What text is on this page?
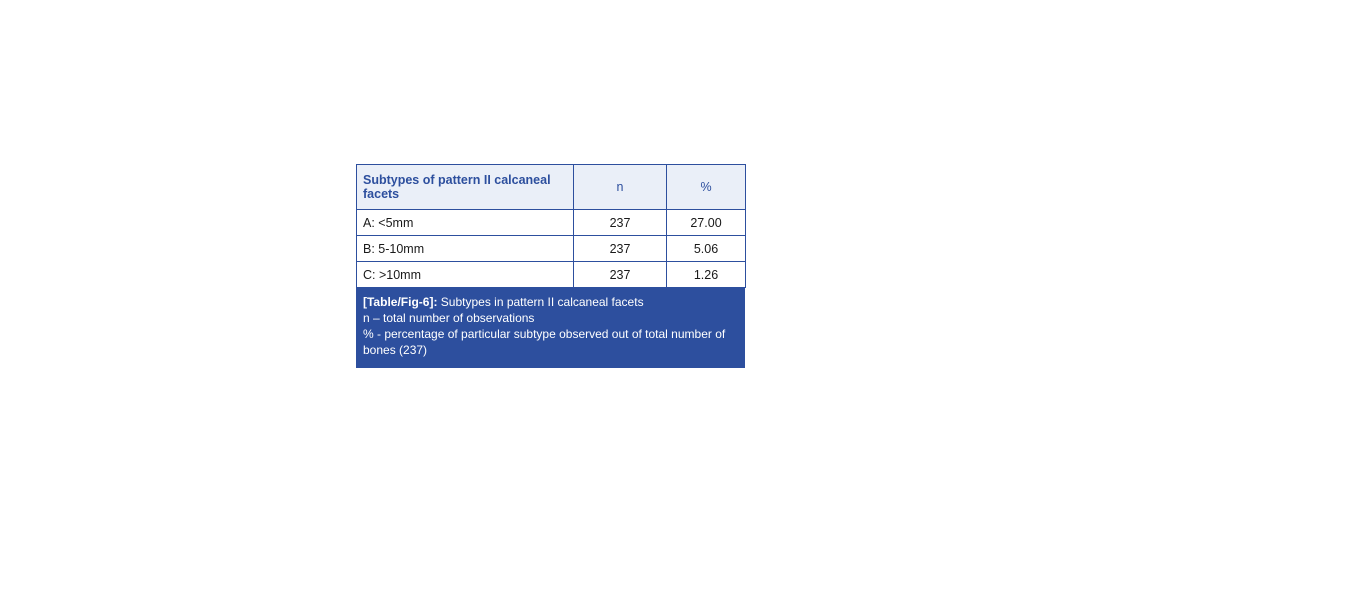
Subtypes of pattern II calcaneal facets	n	%
A: <5mm	237	27.00
B: 5-10mm	237	5.06
C: >10mm	237	1.26
[Table/Fig-6]: Subtypes in pattern II calcaneal facets
n – total number of observations
% - percentage of particular subtype observed out of total number of bones (237)
